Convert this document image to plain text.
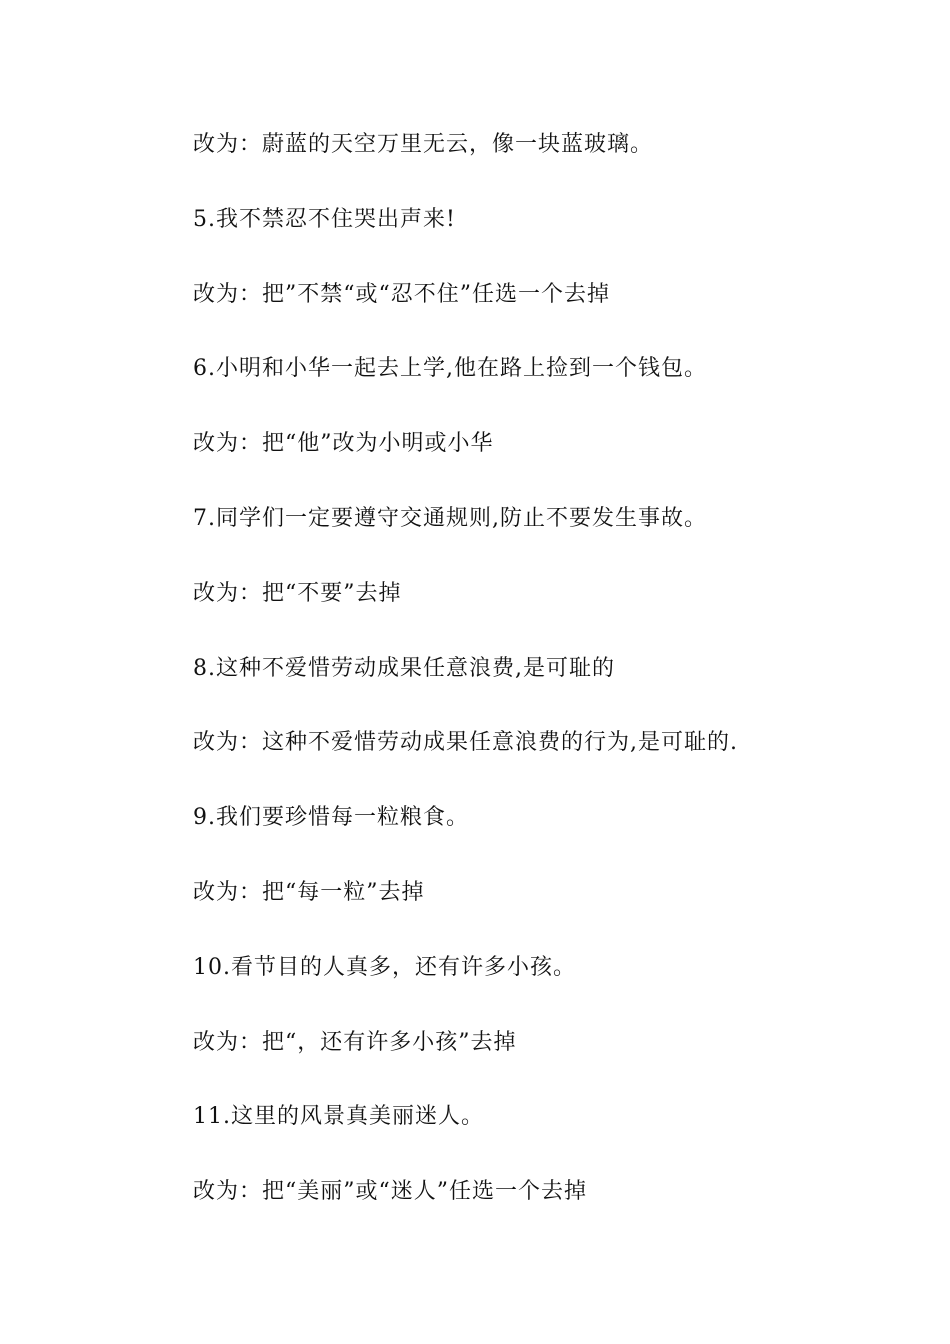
改为：蔚蓝的天空万里无云，像一块蓝玻璃。

5.我不禁忍不住哭出声来!

改为：把”不禁“或“忍不住”任选一个去掉

6.小明和小华一起去上学,他在路上捡到一个钱包。

改为：把“他”改为小明或小华

7.同学们一定要遵守交通规则,防止不要发生事故。

改为：把“不要”去掉

8.这种不爱惜劳动成果任意浪费,是可耻的

改为：这种不爱惜劳动成果任意浪费的行为,是可耻的.

9.我们要珍惜每一粒粮食。

改为：把“每一粒”去掉

10.看节目的人真多，还有许多小孩。

改为：把“，还有许多小孩”去掉

11.这里的风景真美丽迷人。

改为：把“美丽”或“迷人”任选一个去掉
